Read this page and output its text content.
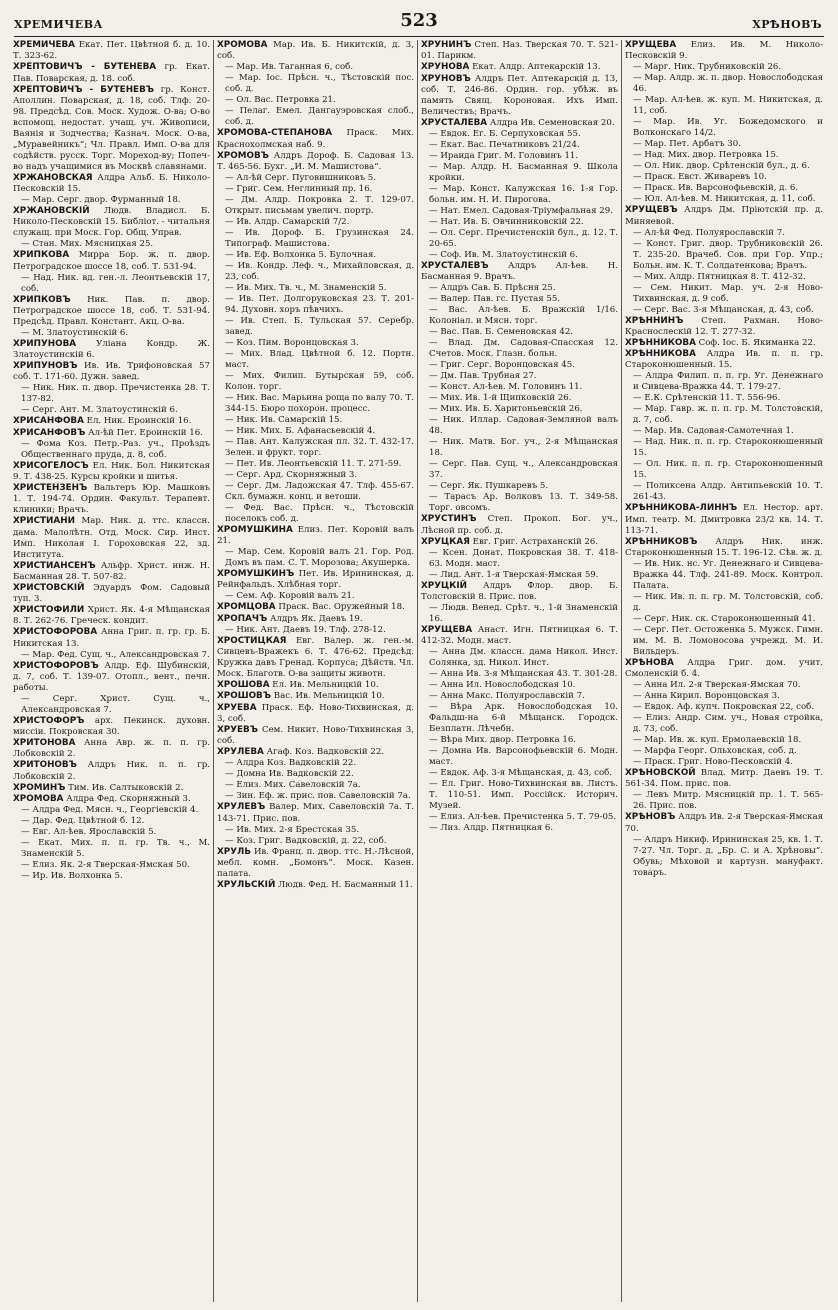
ХРЕМИЧЕВА	523	ХРѢНОВЪ

ХРЕМИЧЕВА Екат. Пет. Цвѣтной б. д. 10. Т. 323-62.

ХРЕПТОВИЧЪ - БУТЕНЕВА гр. Екат. Пав. Поварская, д. 18. соб.

ХРЕПТОВИЧЪ - БУТЕНЕВЪ гр. Конст. Аполлин. Поварская, д. 18, соб. Тлф. 20-98. Предсѣд. Сов. Моск. Худож. О-ва; О-во вспомощ. недостат. учащ. уч. Живописи, Ваянія и Зодчества; Казнач. Моск. О-ва, „Муравейникъ“; Чл. Правл. Имп. О-ва для содѣйств. русск. Торг. Мореход-ву; Попеч-во надъ учащимися въ Москвѣ славянами.

ХРЖАНОВСКАЯ Алдра Альб. Б. Николо-Песковскій 15.

— Мар. Серг. двор. Фурманный 18.

ХРЖАНОВСКІЙ Людв. Владисл. Б. Николо-Песковскій 15. Библіот. - читальня служащ. при Моск. Гор. Общ. Управ.

— Стан. Мих. Мясницкая 25.

ХРИПКОВА Мирра Бор. ж. п. двор. Петроградское шоссе 18, соб. Т. 531-94.

— Над. Ник. вд. ген.-л. Леонтьевскій 17, соб.

ХРИПКОВЪ Ник. Пав. п. двор. Петроградское шоссе 18, соб. Т. 531-94. Предсѣд. Правл. Констант. Акц. О-ва.

— М. Златоустинскій 6.

ХРИПУНОВА Уліана Кондр. Ж. Златоустинскій 6.

ХРИПУНОВЪ Ив. Ив. Трифоновская 57 соб. Т. 171-60. Дужн. завед.

— Ник. Ник. п. двор. Пречистенка 28. Т. 137-82.

— Серг. Ант. М. Златоустинскій 6.

ХРИСАНФОВА Ел. Ник. Ероинскій 16.

ХРИСАНФОВЪ Ал-ѣй Пет. Ероинскій 16.

— Фома Коз. Петр.-Раз. уч., Проѣздъ Общественнаго пруда, д. 8, соб.

ХРИСОГЕЛОСЪ Ел. Ник. Бол. Никитская 9. Т. 438-25. Курсы кройки и шитья.

ХРИСТЕНЗЕНЪ Вальтеръ Юр. Машковъ 1. Т. 194-74. Ордин. Факульт. Терапевт. клиники; Врачъ.

ХРИСТИАНИ Мар. Ник. д. ттс. классн. дама. Малолѣтн. Отд. Моск. Сир. Инст. Имп. Николая I. Гороховская 22, зд. Института.

ХРИСТИАНСЕНЪ Альфр. Христ. инж. Н. Басманная 28. Т. 507-82.

ХРИСТОВСКІЙ Эдуардъ Фом. Садовый туп. 3.

ХРИСТОФИЛИ Христ. Як. 4-я Мѣщанская 8. Т. 262-76. Греческ. кондит.

ХРИСТОФОРОВА Анна Григ. п. гр. гр. Б. Никитская 13.

— Мар. Фед. Сущ. ч., Александровская 7.

ХРИСТОФОРОВЪ Алдр. Еф. Шубинскій, д. 7, соб. Т. 139-07. Отопл., вент., печн. работы.

— Серг. Христ. Сущ. ч., Александровская 7.

ХРИСТОФОРЪ арх. Пекинск. духовн. миссіи. Покровская 30.

ХРИТОНОВА Анна Авр. ж. п. п. гр. Лобковскій 2.

ХРИТОНОВЪ Алдръ Ник. п. п. гр. Лобковскій 2.

ХРОМИНЪ Тим. Ив. Салтыковскій 2.

ХРОМОВА Алдра Фед. Скорняжный 3.

— Алдра Фед. Мясн. ч., Георгіевскій 4.

— Дар. Фед. Цвѣтной б. 12.

— Евг. Ал-ѣев. Ярославскій 5.

— Екат. Мих. п. п. гр. Тв. ч., М. Знаменскій 5.

— Елиз. Як. 2-я Тверская-Ямская 50.

— Ир. Ив. Волхонка 5.

ХРОМОВА Мар. Ив. Б. Никитскій, д. 3, соб.

— Мар. Ив. Таганная 6, соб.

— Мар. Іос. Прѣсн. ч., Тѣстовскій пос. соб. д.

— Ол. Вас. Петровка 21.

— Пелаг. Емел. Дангауэровская слоб., соб. д.

ХРОМОВА-СТЕПАНОВА Праск. Мих. Краснохолмская наб. 9.

ХРОМОВЪ Алдръ Дороф. Б. Садовая 13. Т. 465-56. Бухг. „И. М. Машистова“.

— Ал-ѣй Серг. Пуговишниковъ 5.

— Григ. Сем. Неглинный пр. 16.

— Дм. Алдр. Покровка 2. Т. 129-07. Открыт. письмам увелич. портр.

— Ив. Алдр. Самарскій 7/2.

— Ив. Дороф. Б. Грузинская 24. Типограф. Машистова.

— Ив. Еф. Волхонка 5. Булочная.

— Ив. Кондр. Леф. ч., Михайловская, д. 23, соб.

— Ив. Мих. Тв. ч., М. Знаменскій 5.

— Ив. Пет. Долгоруковская 23. Т. 201-94. Духовн. хоръ пѣвчихъ.

— Ив. Степ. Б. Тульская 57. Серебр. завед.

— Коз. Пим. Воронцовская 3.

— Мих. Влад. Цвѣтной б. 12. Портн. маст.

— Мих. Филип. Бутырская 59, соб. Колон. торг.

— Ник. Вас. Марьина роща по валу 70. Т. 344-15. Бюро похорон. процесс.

— Ник. Ив. Самарскій 15.

— Ник. Мих. Б. Афанасьевскій 4.

— Пав. Ант. Калужская пл. 32. Т. 432-17. Зелен. и фрукт. торг.

— Пет. Ив. Леонтьевскій 11. Т. 271-59.

— Серг. Ард. Скорняжный 3.

— Серг. Дм. Ладожская 47. Тлф. 455-67. Скл. бумажн. конц. и ветоши.

— Фед. Вас. Прѣсн. ч., Тѣстовскій поселокъ соб. д.

ХРОМУШКИНА Елиз. Пет. Коровій валъ 21.

— Мар. Сем. Коровій валъ 21. Гор. Род. Домъ въ пам. С. Т. Морозова; Акушерка.

ХРОМУШКИНЪ Пет. Ив. Ирининская, д. Рейнфальдъ. Хлѣбная торг.

— Сем. Аф. Коровій валъ 21.

ХРОМЦОВА Праск. Вас. Оружейный 18.

ХРОПАЧЪ Алдръ Як. Даевъ 19.

— Ник. Ант. Даевъ 19. Тлф. 278-12.

ХРОСТИЦКАЯ Евг. Валер. ж. ген.-м. Сивцевъ-Вражекъ 6. Т. 476-62. Предсѣд. Кружка давъ Гренад. Корпуса; Дѣйств. Чл. Моск. Благотв. О-ва защиты животн.

ХРОШОВА Ел. Ив. Мельницкій 10.

ХРОШОВЪ Вас. Ив. Мельницкій 10.

ХРУЕВА Праск. Еф. Ново-Тихвинская, д. 3, соб.

ХРУЕВЪ Сем. Никит. Ново-Тихвинская 3, соб.

ХРУЛЕВА Агаф. Коз. Вадковскій 22.

— Алдра Коз. Вадковскій 22.

— Домна Ив. Вадковскій 22.

— Елиз. Мих. Савеловскій 7а.

— Зин. Еф. ж. прис. пов. Савеловскій 7а.

ХРУЛЕВЪ Валер. Мих. Савеловскій 7а. Т. 143-71. Прис. пов.

— Ив. Мих. 2-я Брестская 35.

— Коз. Григ. Вадковскій, д. 22, соб.

ХРУЛЬ Ив. Франц. п. двор. ттс. Н.-Лѣсной, мебл. комн. „Бомонъ“. Моск. Казен. палата.

ХРУЛЬСКІЙ Людв. Фед. Н. Басманный 11.

ХРУНИНЪ Степ. Наз. Тверская 70. Т. 521-01. Парикм.

ХРУНОВА Екат. Алдр. Аптекарскій 13.

ХРУНОВЪ Алдръ Пет. Аптекарскій д. 13, соб. Т. 246-86. Ордин. гор. убѣж. въ память Свящ. Короновая. Ихъ Имп. Величествъ; Врачъ.

ХРУСТАЛЕВА Алдра Ив. Семеновская 20.

— Евдок. Ег. Б. Серпуховская 55.

— Екат. Вас. Печатниковъ 21/24.

— Ираида Григ. М. Головинъ 11.

— Мар. Алдр. Н. Басманная 9. Школа кройки.

— Мар. Конст. Калужская 16. 1-я Гор. больн. им. Н. И. Пирогова.

— Нат. Емел. Садовая-Тріумфальная 29.

— Нат. Ив. Б. Овчинниковскій 22.

— Ол. Серг. Пречистенскій бул., д. 12. Т. 20-65.

— Соф. Ив. М. Златоустинскій 6.

ХРУСТАЛЕВЪ Алдръ Ал-ѣев. Н. Басманная 9. Врачъ.

— Алдръ Сав. Б. Прѣсня 25.

— Валер. Пав. гс. Пустая 55.

— Вас. Ал-ѣев. Б. Вражскій 1/16. Колоніал. и Мясн. торг.

— Вас. Пав. Б. Семеновская 42.

— Влад. Дм. Садовая-Спасская 12. Счетов. Моск. Глазн. больн.

— Григ. Серг. Воронцовская 45.

— Дм. Пав. Трубная 27.

— Конст. Ал-ѣев. М. Головинъ 11.

— Мих. Ив. 1-й Щипковскій 26.

— Мих. Ив. Б. Харитоньевскій 26.

— Ник. Иллар. Садовая-Земляной валъ 48.

— Ник. Матв. Бог. уч., 2-я Мѣщанская 18.

— Серг. Пав. Сущ. ч., Александровская 37.

— Серг. Як. Пушкаревъ 5.

— Тарасъ Ар. Волковъ 13. Т. 349-58. Торг. овсомъ.

ХРУСТИНЪ Степ. Прокоп. Бог. уч., Лѣсной пр. соб. д.

ХРУЦКАЯ Евг. Григ. Астраханскій 26.

— Ксен. Донат. Покровская 38. Т. 418-63. Модн. маст.

— Лид. Ант. 1-я Тверская-Ямская 59.

ХРУЦКІЙ Алдръ Флор. двор. Б. Толстовскій 8. Прис. пов.

— Людв. Венед. Срѣт. ч., 1-й Знаменскій 16.

ХРУЩЕВА Анаст. Игн. Пятницкая 6. Т. 412-32. Модн. маст.

— Анна Дм. классн. дама Никол. Инст. Солянка, зд. Никол. Инст.

— Анна Ив. 3-я Мѣщанская 43. Т. 301-28.

— Анна Ил. Новослободская 10.

— Анна Макс. Полуярославскій 7.

— Вѣра Арк. Новослободская 10. Фальдш-на 6-й Мѣщанск. Городск. Безплатн. Лѣчебн.

— Вѣра Мих. двор. Петровка 16.

— Домна Ив. Варсонофьевскій 6. Модн. маст.

— Евдок. Аф. 3-я Мѣщанская, д. 43, соб.

— Ел. Григ. Ново-Тихвинская вв. Листъ. Т. 110-51. Имп. Россійск. Историч. Музей.

— Елиз. Ал-ѣев. Пречистенка 5. Т. 79-05.

— Лиз. Алдр. Пятницкая 6.

ХРУЩЕВА Елиз. Ив. М. Николо-Песковскій 9.

— Марг. Ник. Трубниковскій 26.

— Мар. Алдр. ж. п. двор. Новослободская 46.

— Мар. Ал-ѣев. ж. куп. М. Никитская, д. 11, соб.

— Мар. Ив. Уг. Божедомского и Волконскаго 14/2.

— Мар. Пет. Арбатъ 30.

— Над. Мих. двор. Петровка 15.

— Ол. Ник. двор. Срѣтенскій бул., д. 6.

— Праск. Евст. Живаревъ 10.

— Праск. Ив. Варсонофьевскій, д. 6.

— Юл. Ал-ѣев. М. Никитская, д. 11, соб.

ХРУЩЕВЪ Алдръ Дм. Пріютскій пр. д. Миняевой.

— Ал-ѣй Фед. Полуярославскій 7.

— Конст. Григ. двор. Трубниковскій 26. Т. 235-20. Врачеб. Сов. при Гор. Упр.; Больн. им. К. Т. Солдатенкова; Врачъ.

— Мих. Алдр. Пятницкая 8. Т. 412-32.

— Сем. Никит. Мар. уч. 2-я Ново-Тихвинская, д. 9 соб.

— Серг. Вас. 3-я Мѣщанская, д. 43, соб.

ХРѢННИНЪ Степ. Рахман. Ново-Краснослескій 12. Т. 277-32.

ХРѢННИКОВА Соф. Іос. Б. Якиманка 22.

ХРѢННИКОВА Алдра Ив. п. п. гр. Староконюшенный. 15.

— Алдра Филип. п. п. гр. Уг. Денежнаго и Сивцева-Вражка 44. Т. 179-27.

— Е.К. Срѣтенскій 11. Т. 556-96.

— Мар. Гавр. ж. п. п. гр. М. Толстовскій, д. 7, соб.

— Мар. Ив. Садовая-Самотечная 1.

— Над. Ник. п. п. гр. Староконюшенный 15.

— Ол. Ник. п. п. гр. Староконюшенный 15.

— Поликсена Алдр. Антипьевскій 10. Т. 261-43.

ХРѢННИКОВА-ЛИННЪ Ел. Нестор. арт. Имп. театр. М. Дмитровка 23/2 кв. 14. Т. 113-71.

ХРѢННИКОВЪ Алдръ Ник. инж. Староконюшенный 15. Т. 196-12. Сѣв. ж. д.

— Ив. Ник. нс. Уг. Денежнаго и Сивцева-Вражка 44. Тлф. 241-89. Моск. Контрол. Палата.

— Ник. Ив. п. п. гр. М. Толстовскій, соб. д.

— Серг. Ник. ск. Староконюшенный 41.

— Серг. Пет. Остоженка 5. Мужск. Гимн. им. М. В. Ломоносова учрежд. М. И. Вильдеръ.

ХРѢНОВА Алдра Григ. дом. учит. Смоленскій б. 4.

— Анна Ил. 2-я Тверская-Ямская 70.

— Анна Кирил. Воронцовская 3.

— Евдок. Аф. купч. Покровская 22, соб.

— Елиз. Андр. Сим. уч., Новая стройка, д. 73, соб.

— Мар. Ив. ж. куп. Ермолаевскій 18.

— Марфа Георг. Ольховская, соб. д.

— Праск. Григ. Ново-Песковскій 4.

ХРѢНОВСКОЙ Влад. Митр. Даевъ 19. Т. 561-34. Пом. прис. пов.

— Левъ Митр. Мясницкій пр. 1. Т. 565-26. Прис. пов.

ХРѢНОВЪ Алдръ Ив. 2-я Тверская-Ямская 70.

— Алдръ Никиф. Ирининская 25, кв. 1. Т. 7-27. Чл. Торг. д. „Бр. С. и А. Хрѣновы“. Обувь; Мѣховой и картузн. мануфакт. товаръ.
